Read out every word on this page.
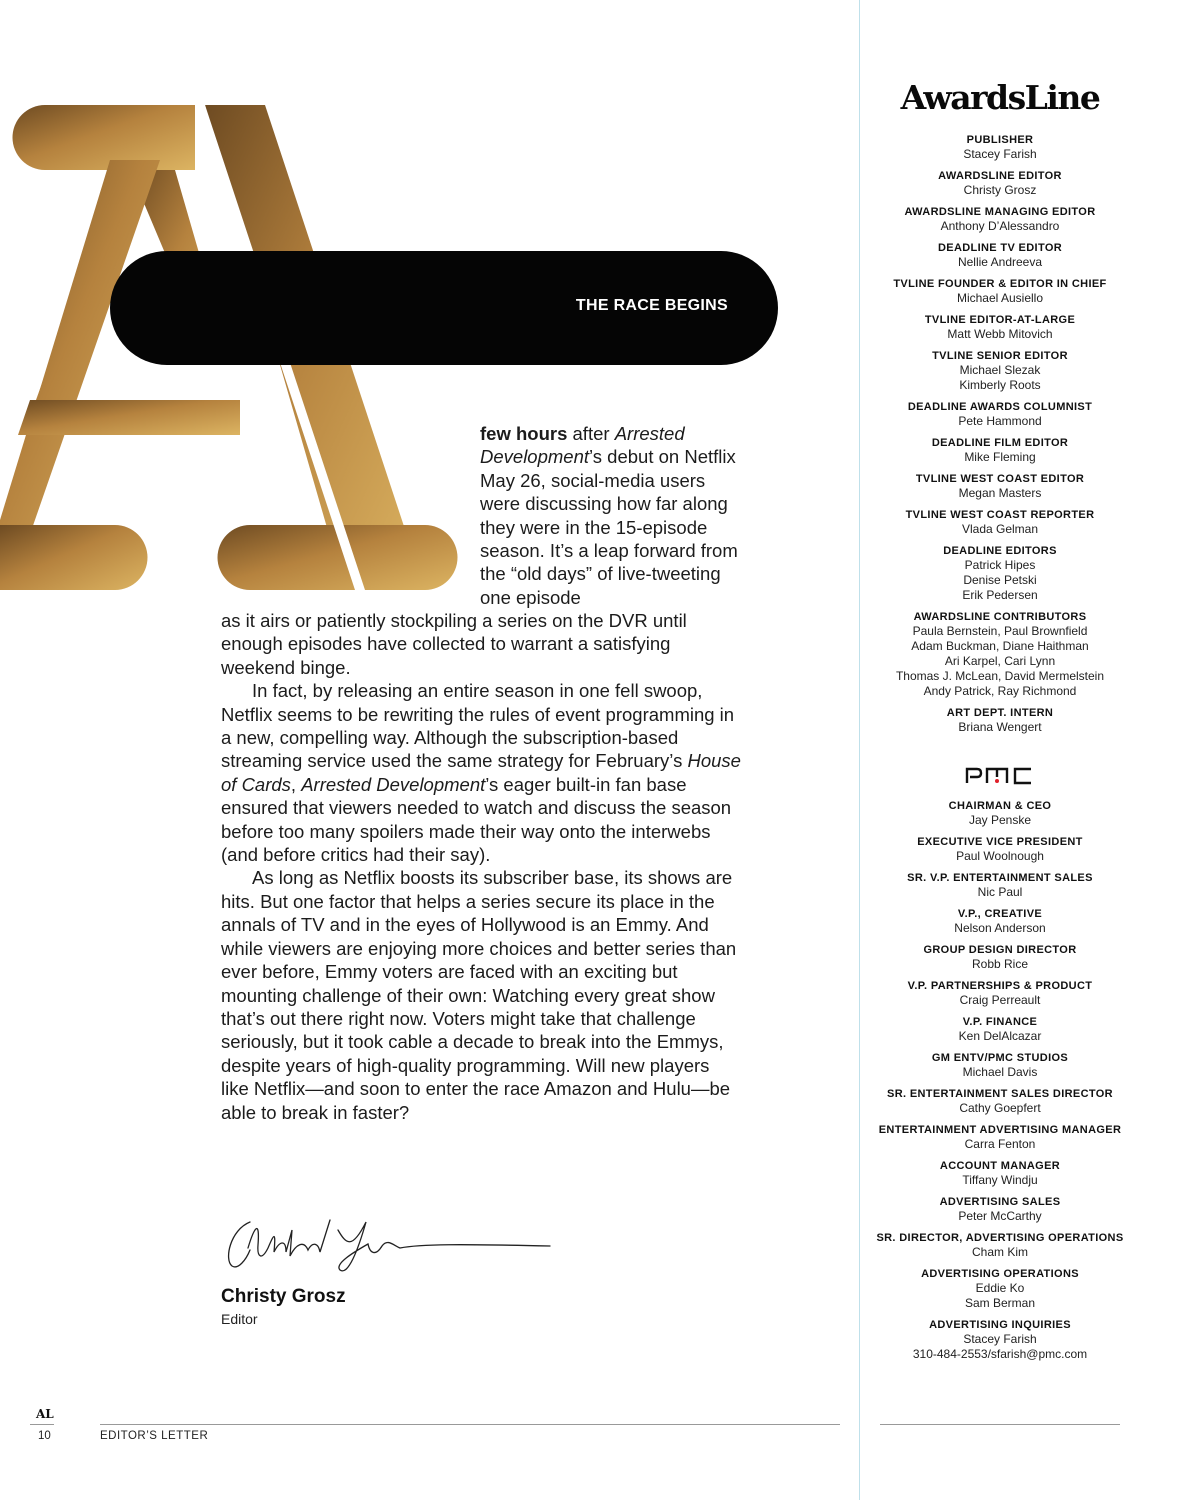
THE RACE BEGINS
few hours after Arrested Development’s debut on Netflix May 26, social-media users were discussing how far along they were in the 15-episode season. It’s a leap forward from the “old days” of live-tweeting one episode

as it airs or patiently stockpiling a series on the DVR until enough episodes have collected to warrant a satisfying weekend binge.

In fact, by releasing an entire season in one fell swoop, Netflix seems to be rewriting the rules of event programming in a new, compelling way. Although the subscription-based streaming service used the same strategy for February’s House of Cards, Arrested Development’s eager built-in fan base ensured that viewers needed to watch and discuss the season before too many spoilers made their way onto the interwebs (and before critics had their say).

As long as Netflix boosts its subscriber base, its shows are hits. But one factor that helps a series secure its place in the annals of TV and in the eyes of Hollywood is an Emmy. And while viewers are enjoying more choices and better series than ever before, Emmy voters are faced with an exciting but mounting challenge of their own: Watching every great show that’s out there right now. Voters might take that challenge seriously, but it took cable a decade to break into the Emmys, despite years of high-quality programming. Will new players like Netflix—and soon to enter the race Amazon and Hulu—be able to break in faster?

Christy Grosz
Editor
AL
10	EDITOR’S LETTER
AwardsLine
PUBLISHER
Stacey Farish
AWARDSLINE EDITOR
Christy Grosz
AWARDSLINE MANAGING EDITOR
Anthony D’Alessandro
DEADLINE TV EDITOR
Nellie Andreeva
TVLINE FOUNDER & EDITOR IN CHIEF
Michael Ausiello
TVLINE EDITOR-AT-LARGE
Matt Webb Mitovich
TVLINE SENIOR EDITOR
Michael Slezak
Kimberly Roots
DEADLINE AWARDS COLUMNIST
Pete Hammond
DEADLINE FILM EDITOR
Mike Fleming
TVLINE WEST COAST EDITOR
Megan Masters
TVLINE WEST COAST REPORTER
Vlada Gelman
DEADLINE EDITORS
Patrick Hipes
Denise Petski
Erik Pedersen
AWARDSLINE CONTRIBUTORS
Paula Bernstein, Paul Brownfield
Adam Buckman, Diane Haithman
Ari Karpel, Cari Lynn
Thomas J. McLean, David Mermelstein
Andy Patrick, Ray Richmond
ART DEPT. INTERN
Briana Wengert
CHAIRMAN & CEO
Jay Penske
EXECUTIVE VICE PRESIDENT
Paul Woolnough
SR. V.P. ENTERTAINMENT SALES
Nic Paul
V.P., CREATIVE
Nelson Anderson
GROUP DESIGN DIRECTOR
Robb Rice
V.P. PARTNERSHIPS & PRODUCT
Craig Perreault
V.P. FINANCE
Ken DelAlcazar
GM ENTV/PMC STUDIOS
Michael Davis
SR. ENTERTAINMENT SALES DIRECTOR
Cathy Goepfert
ENTERTAINMENT ADVERTISING MANAGER
Carra Fenton
ACCOUNT MANAGER
Tiffany Windju
ADVERTISING SALES
Peter McCarthy
SR. DIRECTOR, ADVERTISING OPERATIONS
Cham Kim
ADVERTISING OPERATIONS
Eddie Ko
Sam Berman
ADVERTISING INQUIRIES
Stacey Farish
310-484-2553/sfarish@pmc.com
